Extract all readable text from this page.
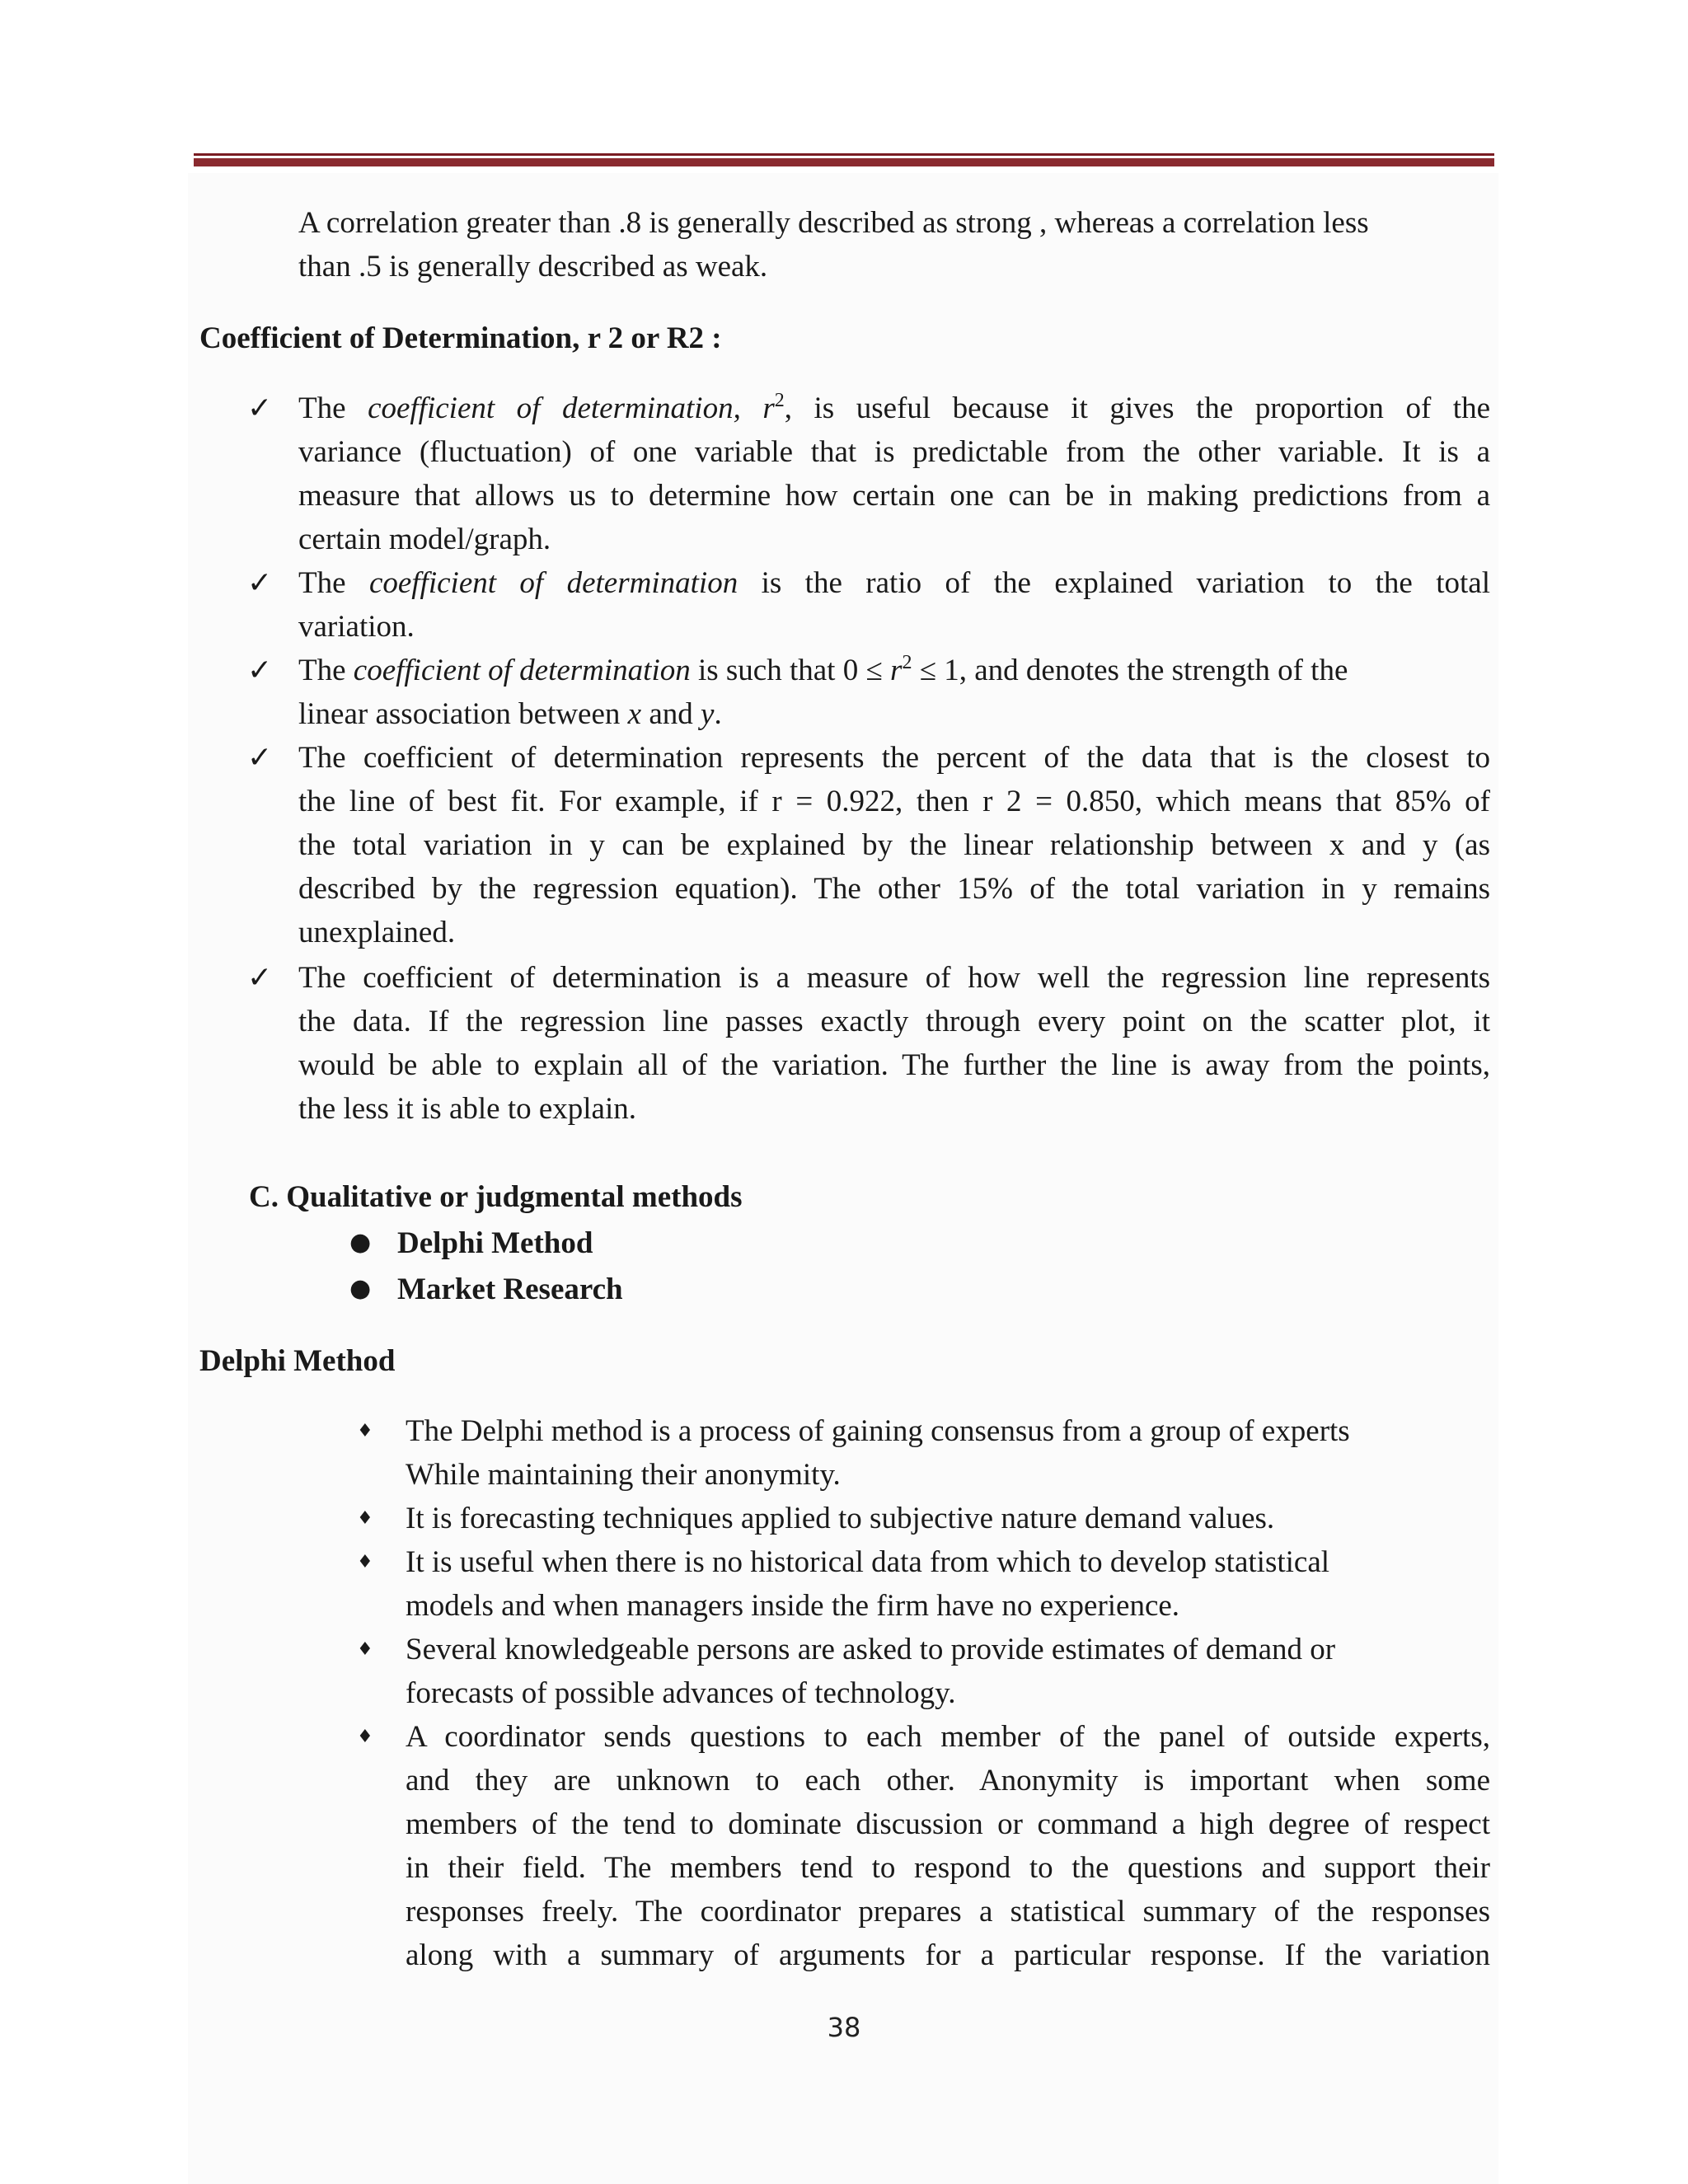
A correlation greater than .8 is generally described as strong , whereas a correlation less
than .5 is generally described as weak.
Coefficient of Determination, r 2 or R2 :
✓ The coefficient of determination, $r^2$, is useful because it gives the proportion of the
variance (fluctuation) of one variable that is predictable from the other variable. It is a
measure that allows us to determine how certain one can be in making predictions from a
certain model/graph.
✓ The coefficient of determination is the ratio of the explained variation to the total
variation.
✓ The coefficient of determination is such that $0 \le r^2 \le 1$, and denotes the strength of the
linear association between x and y.
✓ The coefficient of determination represents the percent of the data that is the closest to
the line of best fit. For example, if r = 0.922, then r 2 = 0.850, which means that 85% of
the total variation in y can be explained by the linear relationship between x and y (as
described by the regression equation). The other 15% of the total variation in y remains
unexplained.
✓ The coefficient of determination is a measure of how well the regression line represents
the data. If the regression line passes exactly through every point on the scatter plot, it
would be able to explain all of the variation. The further the line is away from the points,
the less it is able to explain.
C. Qualitative or judgmental methods
● Delphi Method
● Market Research
Delphi Method
♦ The Delphi method is a process of gaining consensus from a group of experts
While maintaining their anonymity.
♦ It is forecasting techniques applied to subjective nature demand values.
♦ It is useful when there is no historical data from which to develop statistical
models and when managers inside the firm have no experience.
♦ Several knowledgeable persons are asked to provide estimates of demand or
forecasts of possible advances of technology.
♦ A coordinator sends questions to each member of the panel of outside experts,
and they are unknown to each other. Anonymity is important when some
members of the tend to dominate discussion or command a high degree of respect
in their field. The members tend to respond to the questions and support their
responses freely. The coordinator prepares a statistical summary of the responses
along with a summary of arguments for a particular response. If the variation
38
